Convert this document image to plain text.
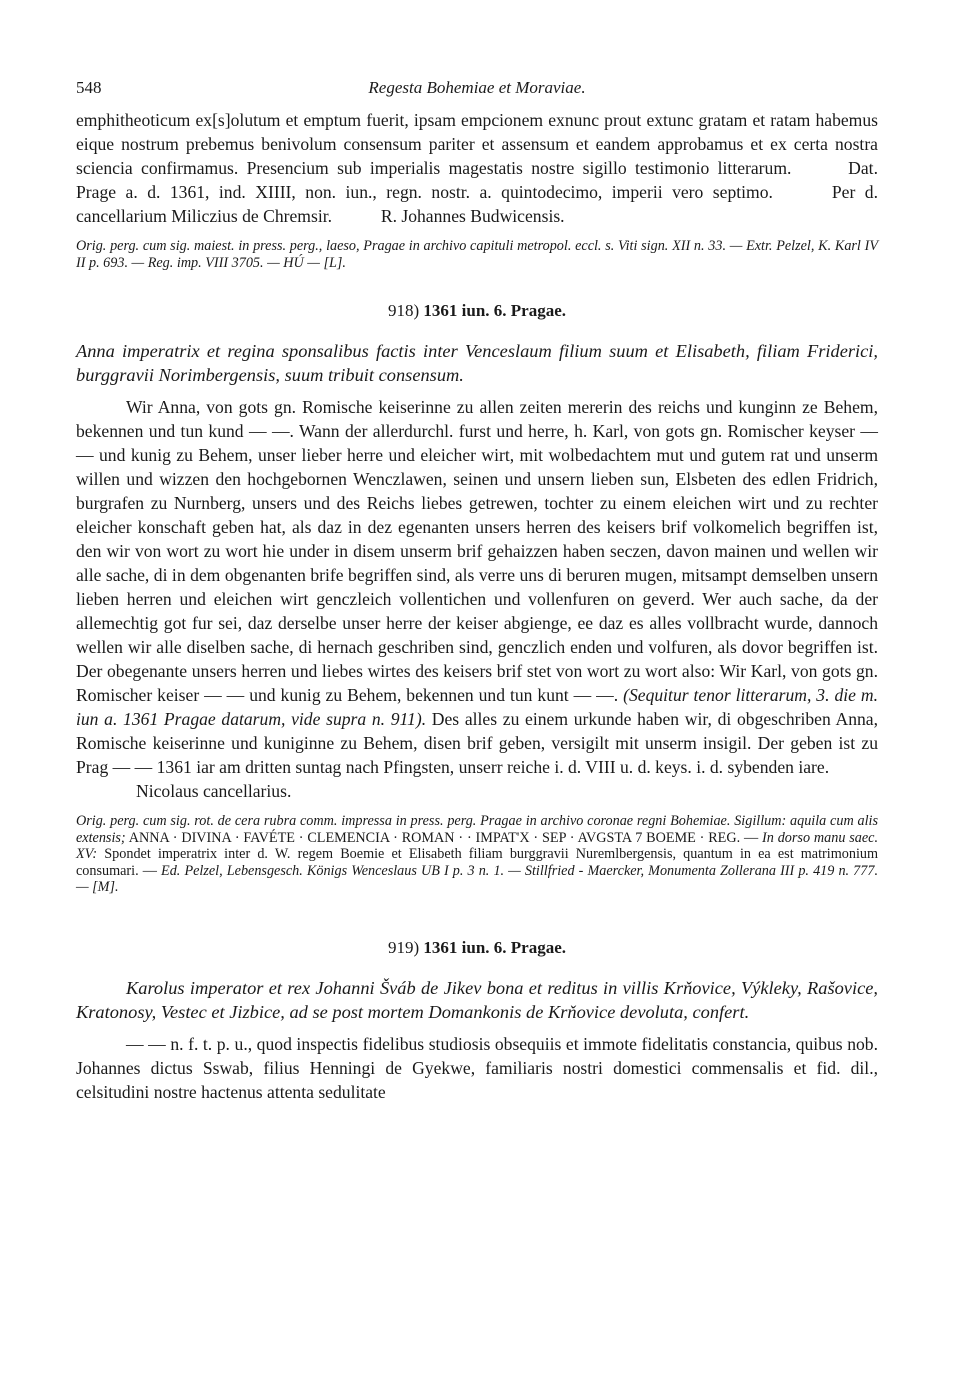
548	Regesta Bohemiae et Moraviae.

emphitheoticum ex[s]olutum et emptum fuerit, ipsam empcionem exnunc prout extunc gratam et ratam habemus eique nostrum prebemus benivolum consensum pariter et assensum et eandem approbamus et ex certa nostra sciencia confirmamus. Presencium sub imperialis magestatis nostre sigillo testimonio litterarum.	Dat. Prage a. d. 1361, ind. XIIII, non. iun., regn. nostr. a. quintodecimo, imperii vero septimo.	Per d. cancellarium Miliczius de Chremsir.	R. Johannes Budwicensis.

Orig. perg. cum sig. maiest. in press. perg., laeso, Pragae in archivo capituli metropol. eccl. s. Viti sign. XII n. 33. — Extr. Pelzel, K. Karl IV II p. 693. — Reg. imp. VIII 3705. — HÚ — [L].

918) 1361 iun. 6. Pragae.

Anna imperatrix et regina sponsalibus factis inter Venceslaum filium suum et Elisabeth, filiam Friderici, burggravii Norimbergensis, suum tribuit consensum.

Wir Anna, von gots gn. Romische keiserinne zu allen zeiten mererin des reichs und kunginn ze Behem, bekennen und tun kund — —. Wann der allerdurchl. furst und herre, h. Karl, von gots gn. Romischer keyser — — und kunig zu Behem, unser lieber herre und eleicher wirt, mit wolbedachtem mut und gutem rat und unserm willen und wizzen den hochgebornen Wenczlawen, seinen und unsern lieben sun, Elsbeten des edlen Fridrich, burgrafen zu Nurnberg, unsers und des Reichs liebes getrewen, tochter zu einem eleichen wirt und zu rechter eleicher konschaft geben hat, als daz in dez egenanten unsers herren des keisers brif volkomelich begriffen ist, den wir von wort zu wort hie under in disem unserm brif gehaizzen haben seczen, davon mainen und wellen wir alle sache, di in dem obgenanten brife begriffen sind, als verre uns di beruren mugen, mitsampt demselben unsern lieben herren und eleichen wirt genczleich vollentichen und vollenfuren on geverd. Wer auch sache, da der allemechtig got fur sei, daz derselbe unser herre der keiser abgienge, ee daz es alles vollbracht wurde, dannoch wellen wir alle diselben sache, di hernach geschriben sind, genczlich enden und volfuren, als dovor begriffen ist. Der obegenante unsers herren und liebes wirtes des keisers brif stet von wort zu wort also: Wir Karl, von gots gn. Romischer keiser — — und kunig zu Behem, bekennen und tun kunt — —. (Sequitur tenor litterarum, 3. die m. iun a. 1361 Pragae datarum, vide supra n. 911). Des alles zu einem urkunde haben wir, di obgeschriben Anna, Romische keiserinne und kuniginne zu Behem, disen brif geben, versigilt mit unserm insigil. Der geben ist zu Prag — — 1361 iar am dritten suntag nach Pfingsten, unserr reiche i. d. VIII u. d. keys. i. d. sybenden iare.

Nicolaus cancellarius.

Orig. perg. cum sig. rot. de cera rubra comm. impressa in press. perg. Pragae in archivo coronae regni Bohemiae. Sigillum: aquila cum alis extensis; ANNA · DIVINA · FAVÉTE · CLEMENCIA · ROMAN · · IMPAT'X · SEP · AVGSTA 7 BOEME · REG. — In dorso manu saec. XV: Spondet imperatrix inter d. W. regem Boemie et Elisabeth filiam burggravii Nuremlbergensis, quantum in ea est matrimonium consumari. — Ed. Pelzel, Lebensgesch. Königs Wenceslaus UB I p. 3 n. 1. — Stillfried - Maercker, Monumenta Zollerana III p. 419 n. 777. — [M].

919) 1361 iun. 6. Pragae.

Karolus imperator et rex Johanni Šváb de Jikev bona et reditus in villis Krňovice, Výkleky, Rašovice, Kratonosy, Vestec et Jizbice, ad se post mortem Domankonis de Krňovice devoluta, confert.

— — n. f. t. p. u., quod inspectis fidelibus studiosis obsequiis et immote fidelitatis constancia, quibus nob. Johannes dictus Sswab, filius Henningi de Gyekwe, familiaris nostri domestici commensalis et fid. dil., celsitudini nostre hactenus attenta sedulitate
